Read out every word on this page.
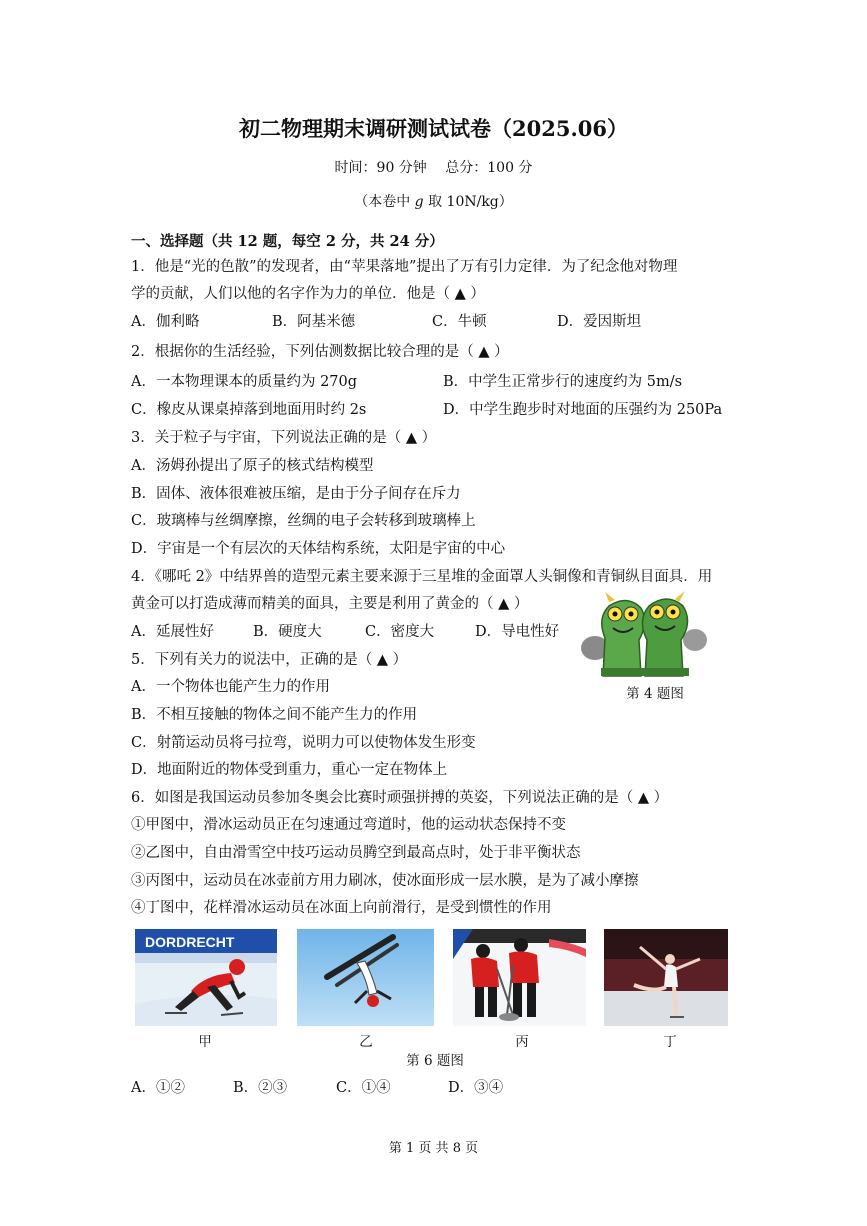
初二物理期末调研测试试卷（2025.06）
时间：90 分钟　 总分：100 分
（本卷中 g 取 10N/kg）
一、选择题（共 12 题，每空 2 分，共 24 分）
1．他是“光的色散”的发现者，由“苹果落地”提出了万有引力定律．为了纪念他对物理
学的贡献，人们以他的名字作为力的单位．他是（ ▲ ）
A．伽利略	B．阿基米德	C．牛顿	D．爱因斯坦
2．根据你的生活经验，下列估测数据比较合理的是（ ▲ ）
A．一本物理课本的质量约为 270g	B．中学生正常步行的速度约为 5m/s
C．橡皮从课桌掉落到地面用时约 2s	D．中学生跑步时对地面的压强约为 250Pa
3．关于粒子与宇宙，下列说法正确的是（ ▲ ）
A．汤姆孙提出了原子的核式结构模型
B．固体、液体很难被压缩，是由于分子间存在斥力
C．玻璃棒与丝绸摩擦，丝绸的电子会转移到玻璃棒上
D．宇宙是一个有层次的天体结构系统，太阳是宇宙的中心
4．《哪吒 2》中结界兽的造型元素主要来源于三星堆的金面罩人头铜像和青铜纵目面具．用
黄金可以打造成薄而精美的面具，主要是利用了黄金的（ ▲ ）
A．延展性好	B．硬度大	C．密度大	D．导电性好
第 4 题图
5．下列有关力的说法中，正确的是（ ▲ ）
A．一个物体也能产生力的作用
B．不相互接触的物体之间不能产生力的作用
C．射箭运动员将弓拉弯，说明力可以使物体发生形变
D．地面附近的物体受到重力，重心一定在物体上
6．如图是我国运动员参加冬奥会比赛时顽强拼搏的英姿，下列说法正确的是（ ▲ ）
①甲图中，滑冰运动员正在匀速通过弯道时，他的运动状态保持不变
②乙图中，自由滑雪空中技巧运动员腾空到最高点时，处于非平衡状态
③丙图中，运动员在冰壶前方用力刷冰，使冰面形成一层水膜，是为了减小摩擦
④丁图中，花样滑冰运动员在冰面上向前滑行，是受到惯性的作用
DORDRECHT
甲	乙	丙	丁
第 6 题图
A．①②	B．②③	C．①④	D．③④
第 1 页 共 8 页
